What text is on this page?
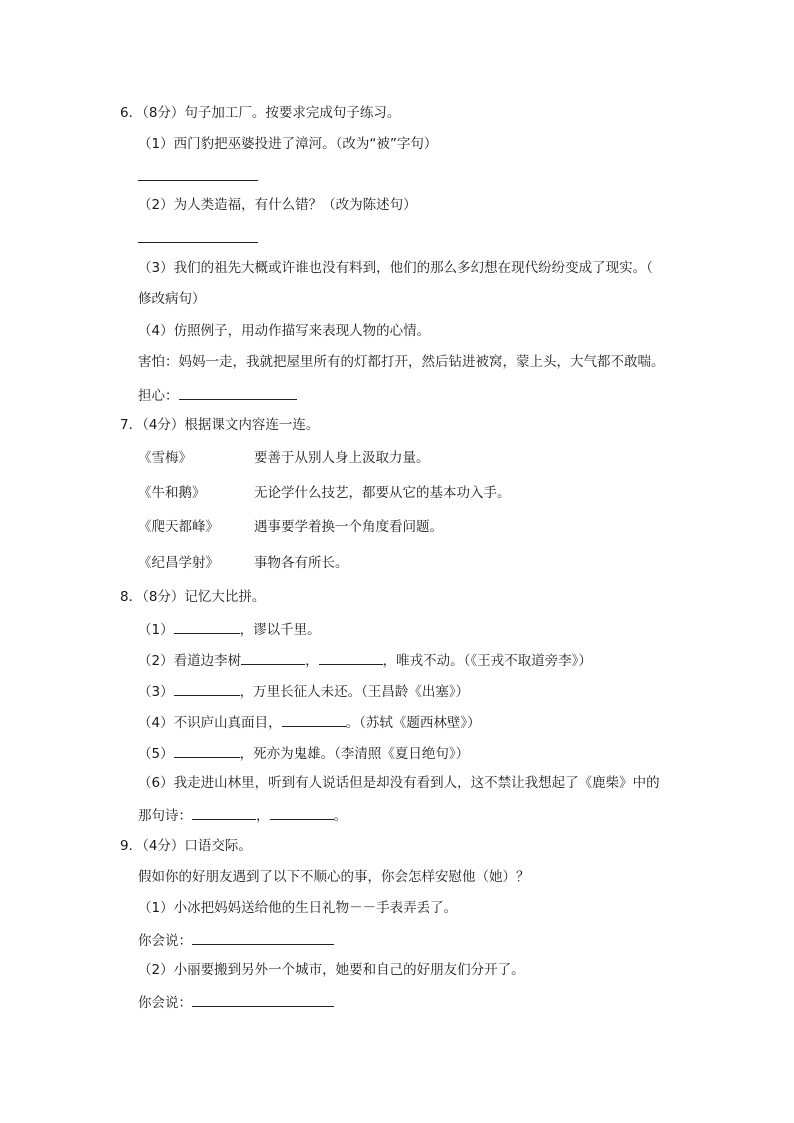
6．（8分）句子加工厂。按要求完成句子练习。
（1）西门豹把巫婆投进了漳河。（改为“被”字句）
（2）为人类造福，有什么错？（改为陈述句）
（3）我们的祖先大概或许谁也没有料到，他们的那么多幻想在现代纷纷变成了现实。（
修改病句）
（4）仿照例子，用动作描写来表现人物的心情。
害怕：妈妈一走，我就把屋里所有的灯都打开，然后钻进被窝，蒙上头，大气都不敢喘。
担心：
7．（4分）根据课文内容连一连。
《雪梅》	要善于从别人身上汲取力量。
《牛和鹅》	无论学什么技艺，都要从它的基本功入手。
《爬天都峰》	遇事要学着换一个角度看问题。
《纪昌学射》	事物各有所长。
8．（8分）记忆大比拼。
（1）	，谬以千里。
（2）看道边李树	，	，唯戎不动。（《王戎不取道旁李》）
（3）	，万里长征人未还。（王昌龄《出塞》）
（4）不识庐山真面目，	。（苏轼《题西林壁》）
（5）	，死亦为鬼雄。（李清照《夏日绝句》）
（6）我走进山林里，听到有人说话但是却没有看到人，这不禁让我想起了《鹿柴》中的
那句诗：	，	。
9．（4分）口语交际。
假如你的好朋友遇到了以下不顺心的事，你会怎样安慰他（她）？
（1）小冰把妈妈送给他的生日礼物－－手表弄丢了。
你会说：
（2）小丽要搬到另外一个城市，她要和自己的好朋友们分开了。
你会说：
